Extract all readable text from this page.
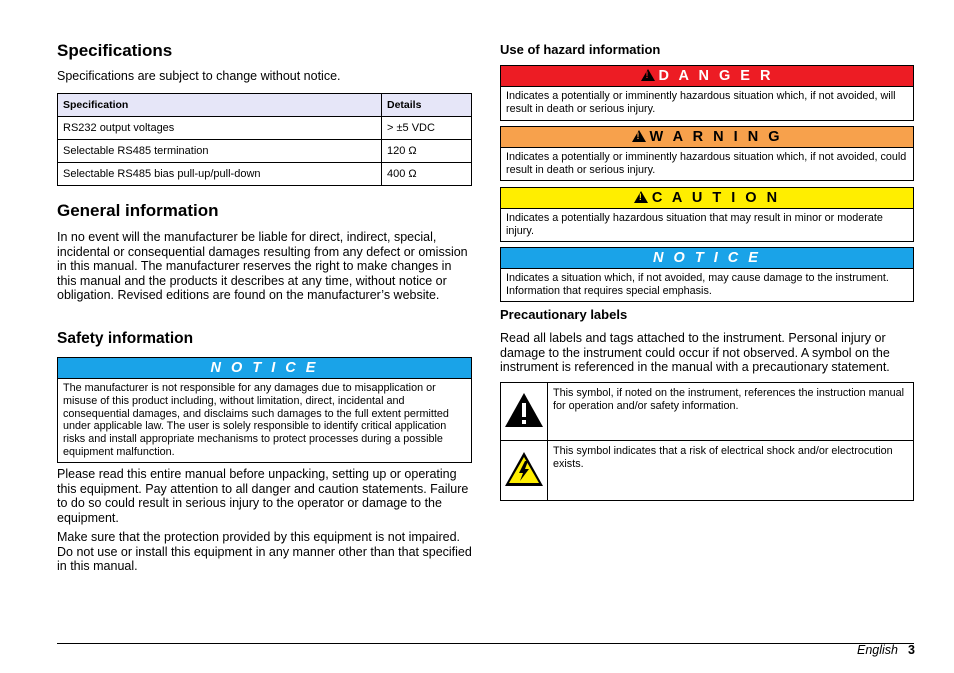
Specifications

Specifications are subject to change without notice.

Specification	Details
RS232 output voltages	> ±5 VDC
Selectable RS485 termination	120 Ω
Selectable RS485 bias pull-up/pull-down	400 Ω
General information

In no event will the manufacturer be liable for direct, indirect, special, incidental or consequential damages resulting from any defect or omission in this manual. The manufacturer reserves the right to make changes in this manual and the products it describes at any time, without notice or obligation. Revised editions are found on the manufacturer’s website.

Safety information
N O T I C E
The manufacturer is not responsible for any damages due to misapplication or misuse of this product including, without limitation, direct, incidental and consequential damages, and disclaims such damages to the full extent permitted under applicable law. The user is solely responsible to identify critical application risks and install appropriate mechanisms to protect processes during a possible equipment malfunction.

Please read this entire manual before unpacking, setting up or operating this equipment. Pay attention to all danger and caution statements. Failure to do so could result in serious injury to the operator or damage to the equipment.

Make sure that the protection provided by this equipment is not impaired. Do not use or install this equipment in any manner other than that specified in this manual.

Use of hazard information
!D A N G E R
Indicates a potentially or imminently hazardous situation which, if not avoided, will result in death or serious injury.
!W A R N I N G
Indicates a potentially or imminently hazardous situation which, if not avoided, could result in death or serious injury.
!C A U T I O N
Indicates a potentially hazardous situation that may result in minor or moderate injury.
N O T I C E
Indicates a situation which, if not avoided, may cause damage to the instrument. Information that requires special emphasis.
Precautionary labels

Read all labels and tags attached to the instrument. Personal injury or damage to the instrument could occur if not observed. A symbol on the instrument is referenced in the manual with a precautionary statement.

	This symbol, if noted on the instrument, references the instruction manual for operation and/or safety information.
	This symbol indicates that a risk of electrical shock and/or electrocution exists.
English 3
